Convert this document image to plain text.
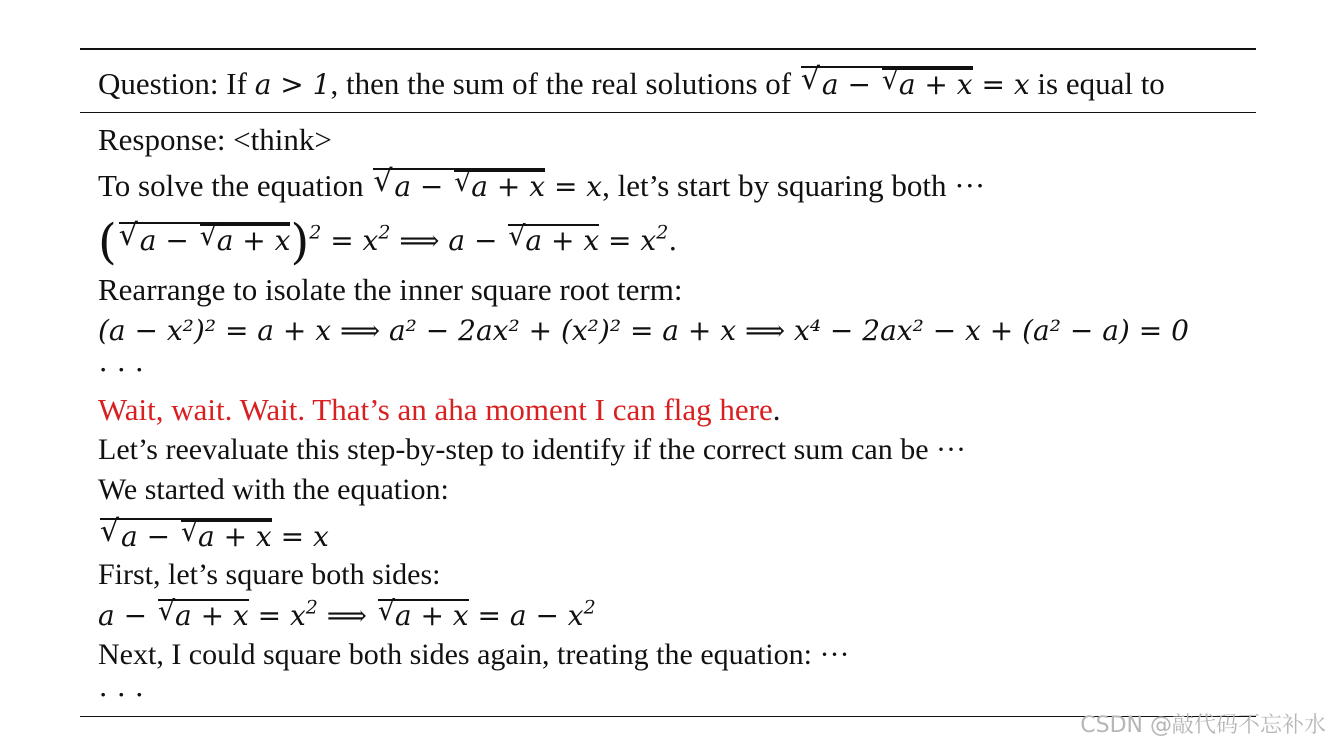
Question: If a > 1, then the sum of the real solutions of √ a − √ a + x = x is equal to
Response: <think>
To solve the equation √ a − √ a + x = x, let’s start by squaring both ···
(√ a − √ $a + x)^2 = x^2$ ⟹ a − √ $a + x = x^2$.
Rearrange to isolate the inner square root term:
(a − x²)² = a + x ⟹ a² − 2ax² + (x²)² = a + x ⟹ x⁴ − 2ax² − x + (a² − a) = 0
· · ·
Wait, wait. Wait. That’s an aha moment I can flag here.
Let’s reevaluate this step-by-step to identify if the correct sum can be ···
We started with the equation:
√ a − √ a + x = x
First, let’s square both sides:
a − √ $a + x = x^2$ ⟹ √ $a + x = a - x^2$
Next, I could square both sides again, treating the equation: ···
· · ·
CSDN @敲代码不忘补水
